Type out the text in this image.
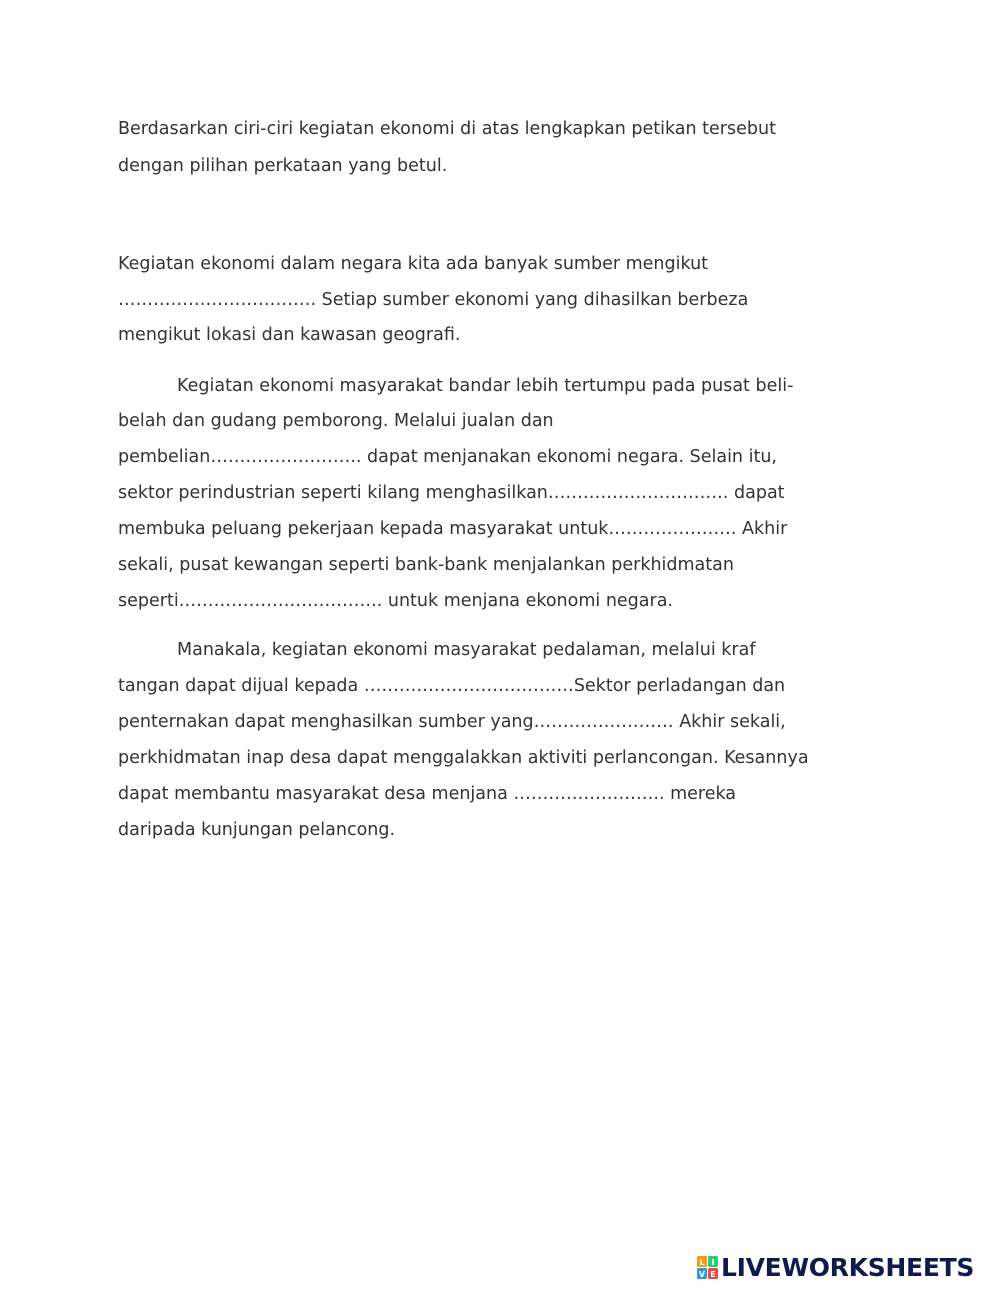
Berdasarkan ciri-ciri kegiatan ekonomi di atas lengkapkan petikan tersebut
dengan pilihan perkataan yang betul.
Kegiatan ekonomi dalam negara kita ada banyak sumber mengikut
……………………………. Setiap sumber ekonomi yang dihasilkan berbeza
mengikut lokasi dan kawasan geografi.
Kegiatan ekonomi masyarakat bandar lebih tertumpu pada pusat beli-
belah dan gudang pemborong. Melalui jualan dan
pembelian…………………….. dapat menjanakan ekonomi negara. Selain itu,
sektor perindustrian seperti kilang menghasilkan…………………………. dapat
membuka peluang pekerjaan kepada masyarakat untuk…………………. Akhir
sekali, pusat kewangan seperti bank-bank menjalankan perkhidmatan
seperti…………………………….. untuk menjana ekonomi negara.
Manakala, kegiatan ekonomi masyarakat pedalaman, melalui kraf
tangan dapat dijual kepada ………………………………Sektor perladangan dan
penternakan dapat menghasilkan sumber yang…………………… Akhir sekali,
perkhidmatan inap desa dapat menggalakkan aktiviti perlancongan. Kesannya
dapat membantu masyarakat desa menjana …………………….. mereka
daripada kunjungan pelancong.
L I
V E LIVEWORKSHEETS
